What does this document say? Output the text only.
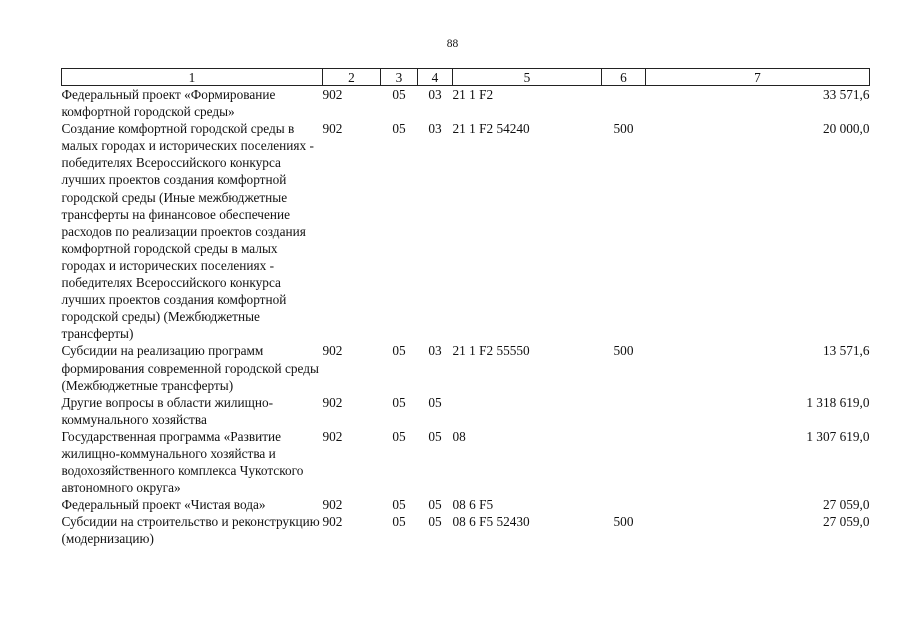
88
1	2	3	4	5	6	7
Федеральный проект «Формирование комфортной городской среды»	902	05	03	21 1 F2		33 571,6
Создание комфортной городской среды в малых городах и исторических поселениях - победителях Всероссийского конкурса лучших проектов создания комфортной городской среды (Иные межбюджетные трансферты на финансовое обеспечение расходов по реализации проектов создания комфортной городской среды в малых городах и исторических поселениях - победителях Всероссийского конкурса лучших проектов создания комфортной городской среды) (Межбюджетные трансферты)	902	05	03	21 1 F2 54240	500	20 000,0
Субсидии на реализацию программ формирования современной городской среды (Межбюджетные трансферты)	902	05	03	21 1 F2 55550	500	13 571,6
Другие вопросы в области жилищно-коммунального хозяйства	902	05	05			1 318 619,0
Государственная программа «Развитие жилищно-коммунального хозяйства и водохозяйственного комплекса Чукотского автономного округа»	902	05	05	08		1 307 619,0
Федеральный проект «Чистая вода»	902	05	05	08 6 F5		27 059,0
Субсидии на строительство и реконструкцию (модернизацию)	902	05	05	08 6 F5 52430	500	27 059,0
